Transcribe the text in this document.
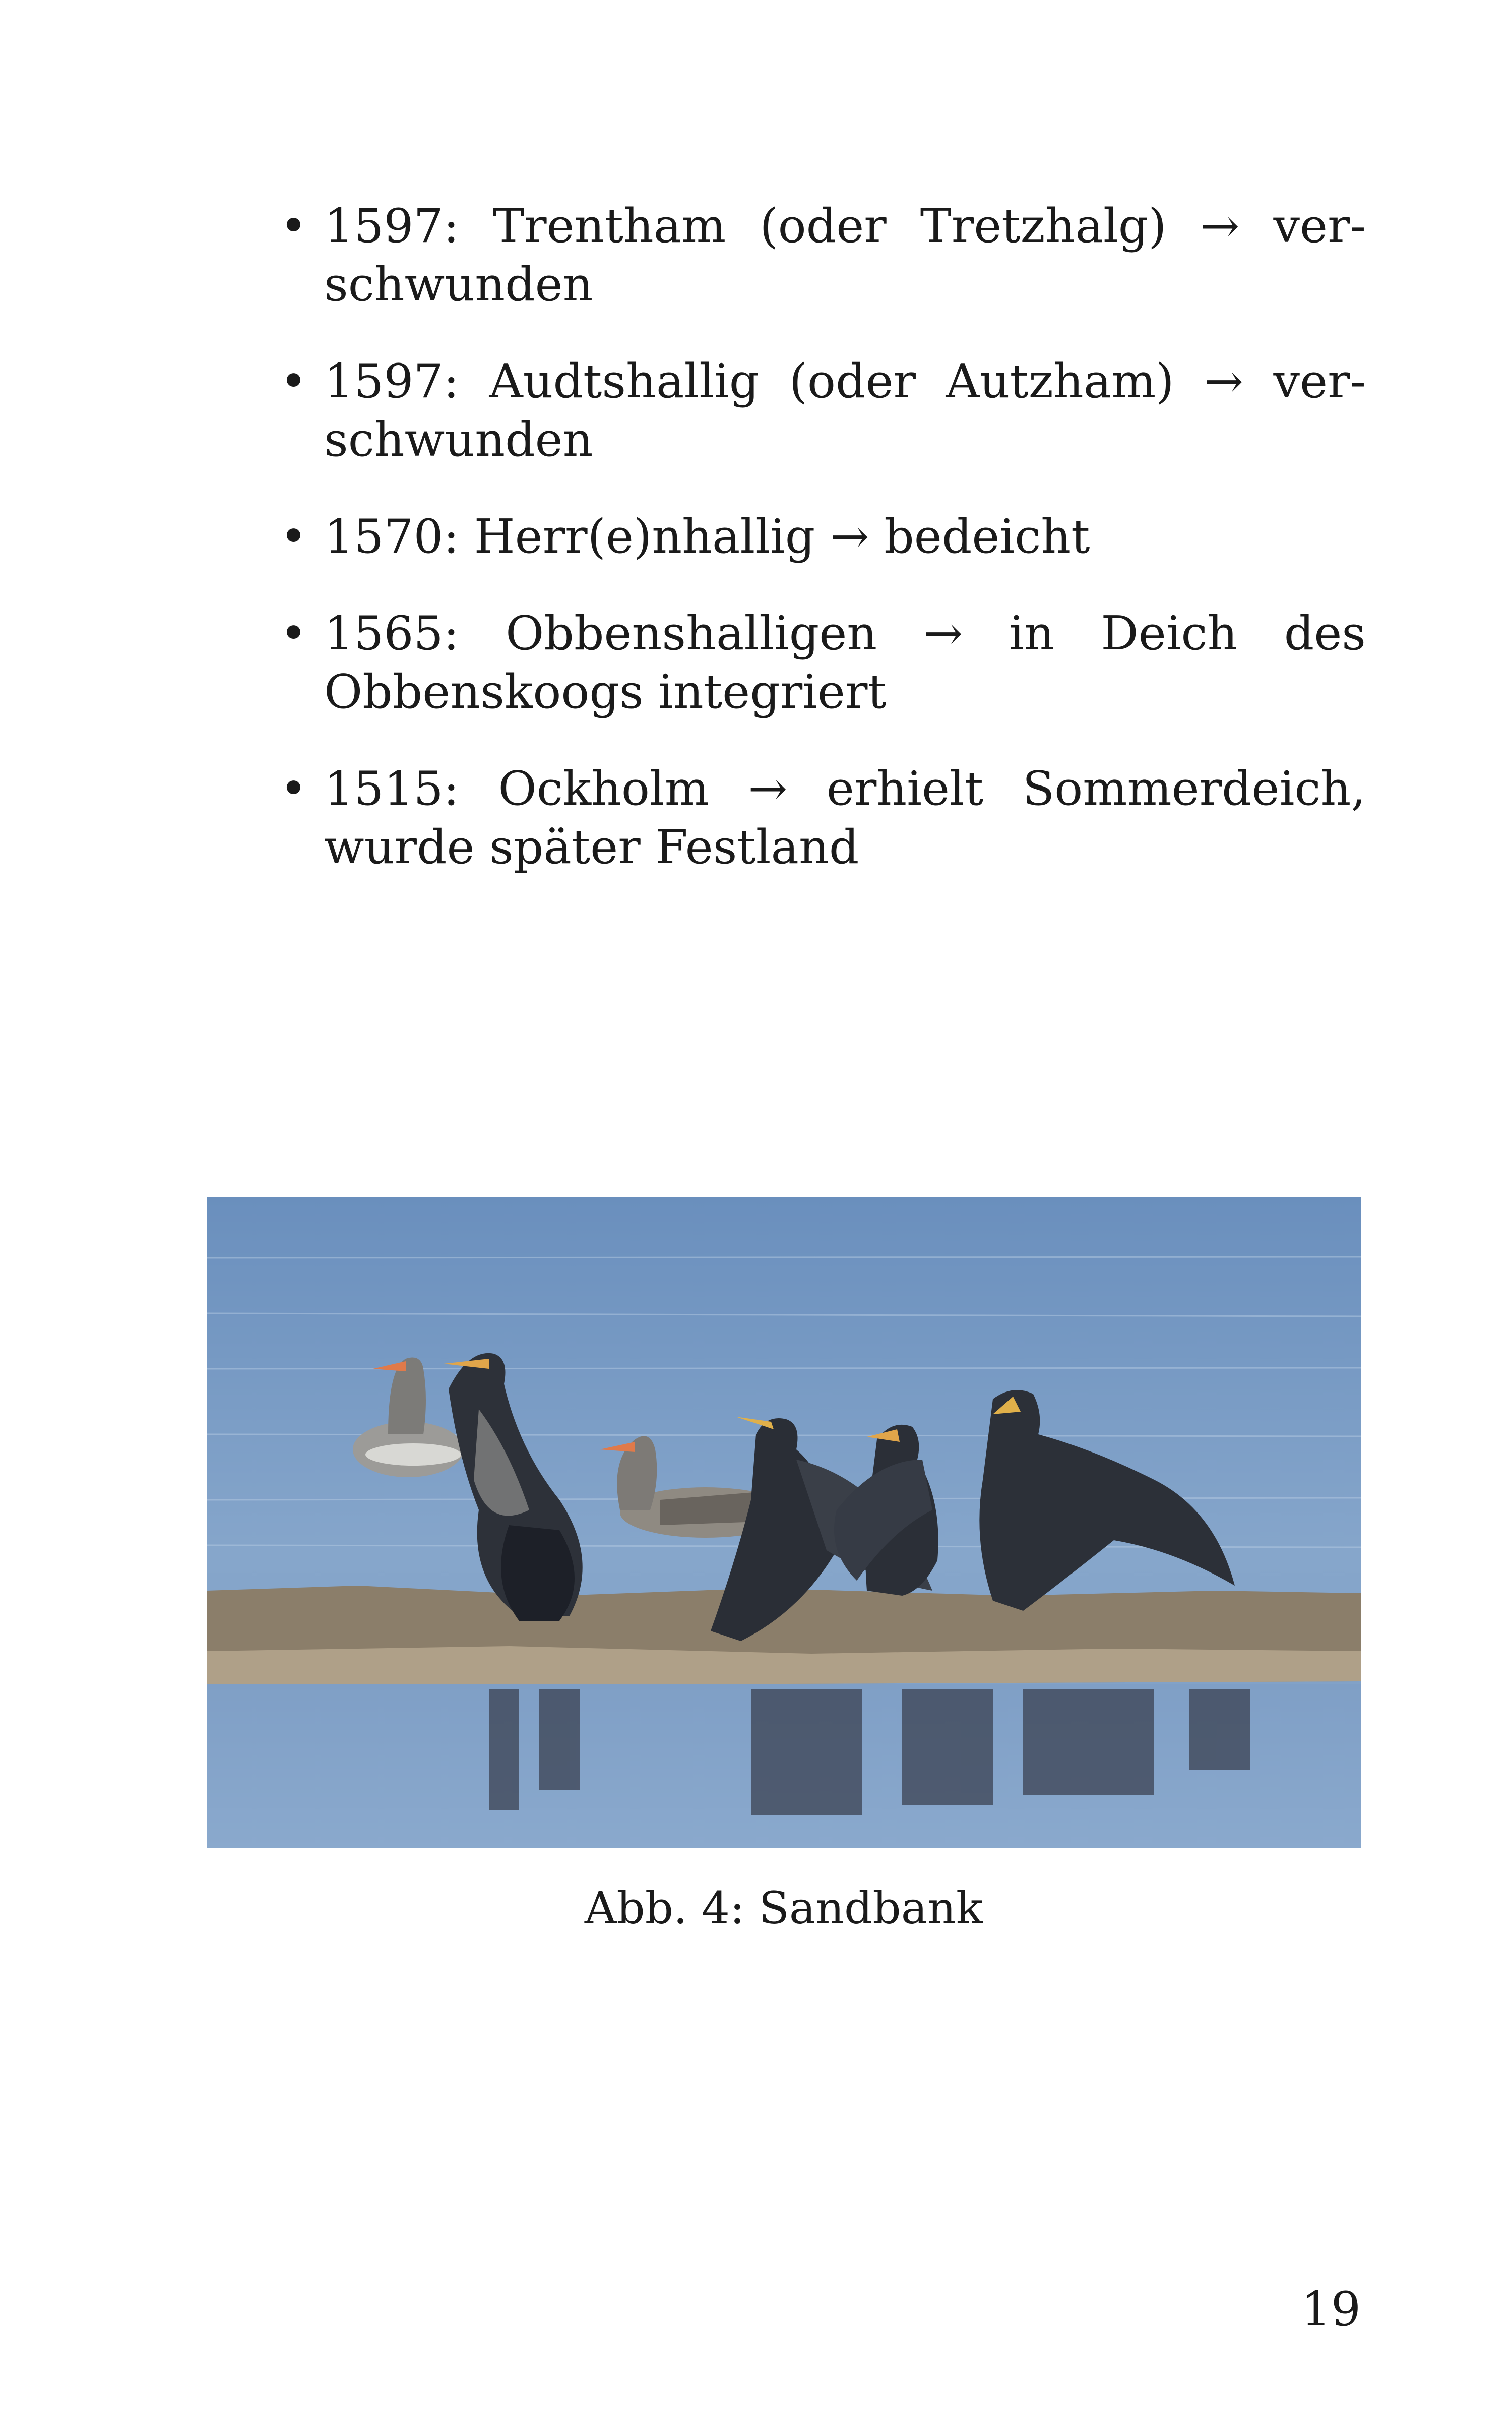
• 1597: Trentham (oder Tretzhalg) → verschwunden
• 1597: Audtshallig (oder Autzham) → verschwunden
• 1570: Herr(e)nhallig → bedeicht
• 1565: Obbenshalligen → in Deich des Obbenskoogs integriert
• 1515: Ockholm → erhielt Sommerdeich, wurde später Festland
Abb. 4: Sandbank
19
